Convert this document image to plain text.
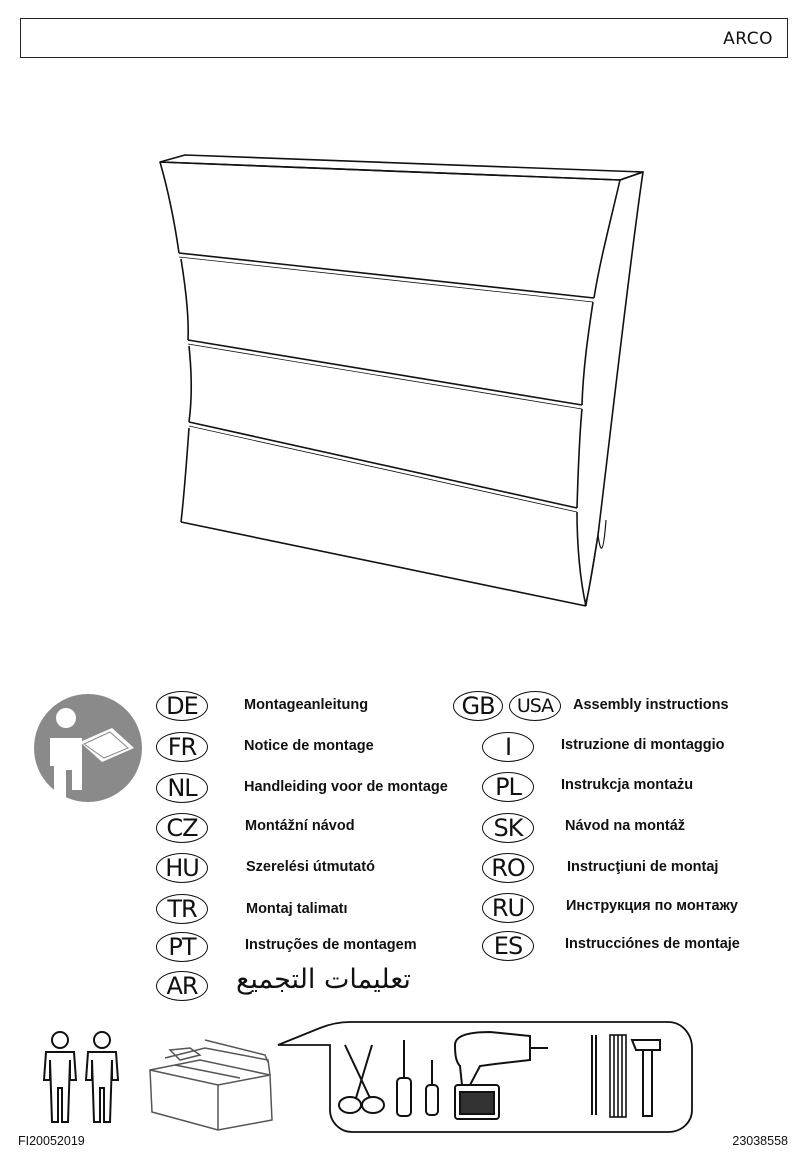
ARCO
DE	Montageanleitung
FR	Notice de montage
NL	Handleiding voor de montage
CZ	Montážní návod
HU	Szerelési útmutató
TR	Montaj talimatı
PT	Instruções de montagem
AR	تعليمات التجميع
GB	USA	Assembly instructions
I	Istruzione di montaggio
PL	Instrukcja montażu
SK	Návod na montáž
RO	Instrucţiuni de montaj
RU	Инструкция по монтажу
ES	Instrucciónes de montaje
FI20052019	23038558
